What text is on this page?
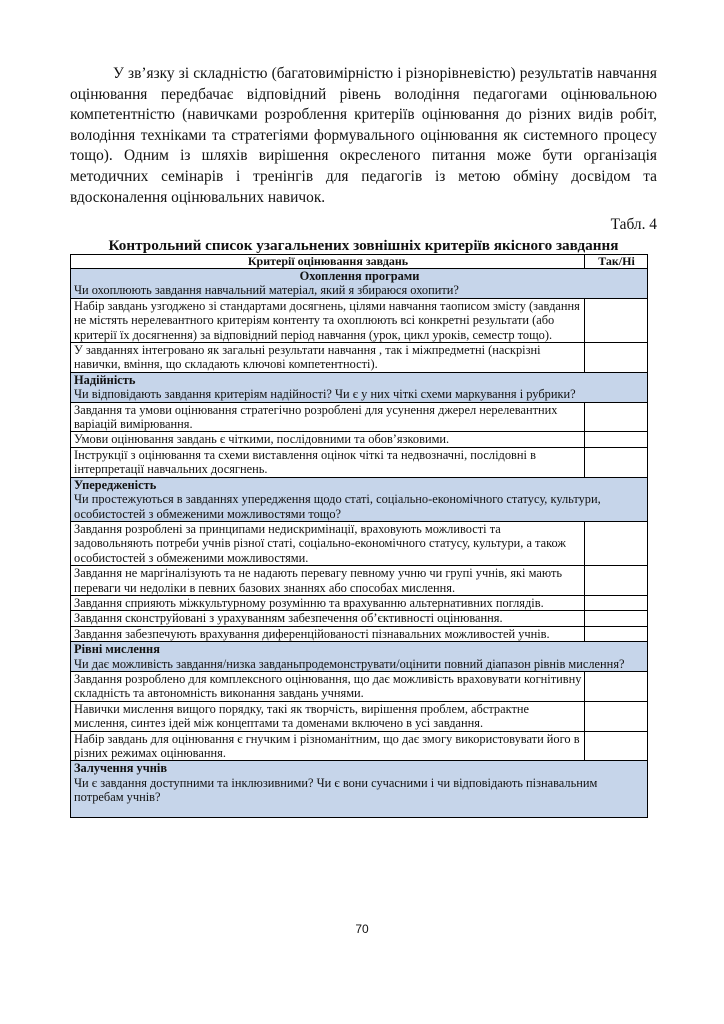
У зв’язку зі складністю (багатовимірністю і різнорівневістю) результатів навчання оцінювання передбачає відповідний рівень володіння педагогами оцінювальною компетентністю (навичками розроблення критеріїв оцінювання до різних видів робіт, володіння техніками та стратегіями формувального оцінювання як системного процесу тощо). Одним із шляхів вирішення окресленого питання може бути організація методичних семінарів і тренінгів для педагогів із метою обміну досвідом та вдосконалення оцінювальних навичок.

Табл. 4
Контрольний список узагальнених зовнішніх критеріїв якісного завдання
Критерії оцінювання завдань	Так/Ні

Охоплення програми
Чи охоплюють завдання навчальний матеріал, який я збираюся охопити?	

Набір завдань узгоджено зі стандартами досягнень, цілями навчання таописом змісту (завдання не містять нерелевантного критеріям контенту та охоплюють всі конкретні результати (або критерії їх досягнення) за відповідний період навчання (урок, цикл уроків, семестр тощо).	
У завданнях інтегровано як загальні результати навчання , так і міжпредметні (наскрізні навички, вміння, що складають ключові компетентності).	

Надійність
Чи відповідають завдання критеріям надійності? Чи є у них чіткі схеми маркування і рубрики?	

Завдання та умови оцінювання стратегічно розроблені для усунення джерел нерелевантних варіацій вимірювання.	
Умови оцінювання завдань є чіткими, послідовними та обов’язковими.	
Інструкції з оцінювання та схеми виставлення оцінок чіткі та недвозначні, послідовні в інтерпретації навчальних досягнень.	

Упередженість
Чи простежуються в завданнях упередження щодо статі, соціально-економічного статусу, культури, особистостей з обмеженими можливостями тощо?	

Завдання розроблені за принципами недискримінації, враховують можливості та задовольняють потреби учнів різної статі, соціально-економічного статусу, культури, а також особистостей з обмеженими можливостями.	
Завдання не маргіналізують та не надають перевагу певному учню чи групі учнів, які мають переваги чи недоліки в певних базових знаннях або способах мислення.	
Завдання сприяють міжкультурному розумінню та врахуванню альтернативних поглядів.	
Завдання сконструйовані з урахуванням забезпечення об’єктивності оцінювання.	
Завдання забезпечують врахування диференційованості пізнавальних можливостей учнів.	

Рівні мислення
Чи дає можливість завдання/низка завданьпродемонструвати/оцінити повний діапазон рівнів мислення?	

Завдання розроблено для комплексного оцінювання, що дає можливість враховувати когнітивну складність та автономність виконання завдань учнями.	
Навички мислення вищого порядку, такі як творчість, вирішення проблем, абстрактне мислення, синтез ідей між концептами та доменами включено в усі завдання.	
Набір завдань для оцінювання є гнучким і різноманітним, що дає змогу використовувати його в різних режимах оцінювання.	

Залучення учнів
Чи є завдання доступними та інклюзивними? Чи є вони сучасними і чи відповідають пізнавальним потребам учнів?	
70
